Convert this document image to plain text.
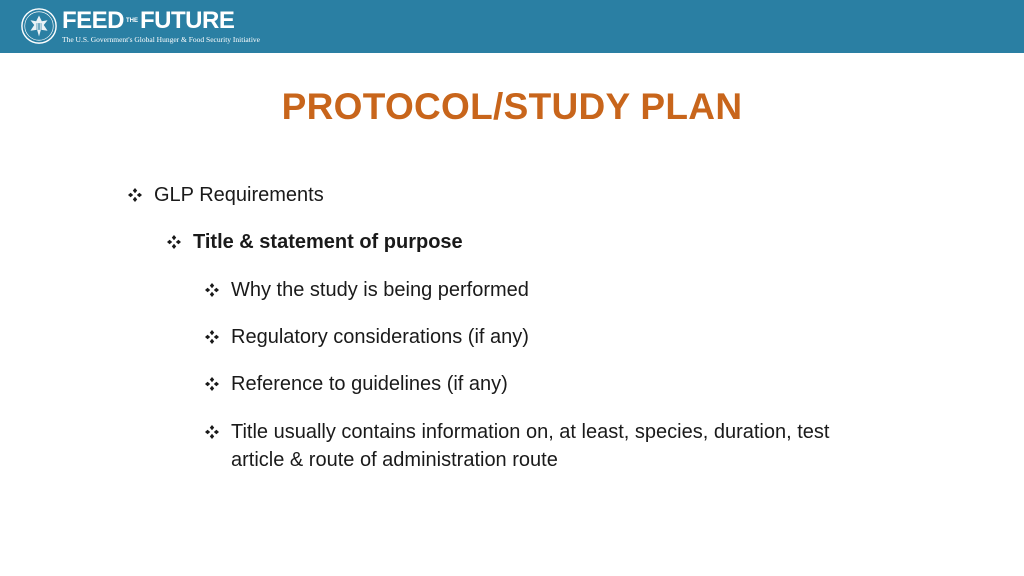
FEED THE FUTURE
The U.S. Government's Global Hunger & Food Security Initiative
PROTOCOL/STUDY PLAN
GLP Requirements
Title & statement of purpose
Why the study is being performed
Regulatory considerations (if any)
Reference to guidelines (if any)
Title usually contains information on, at least, species, duration, test article & route of administration route
